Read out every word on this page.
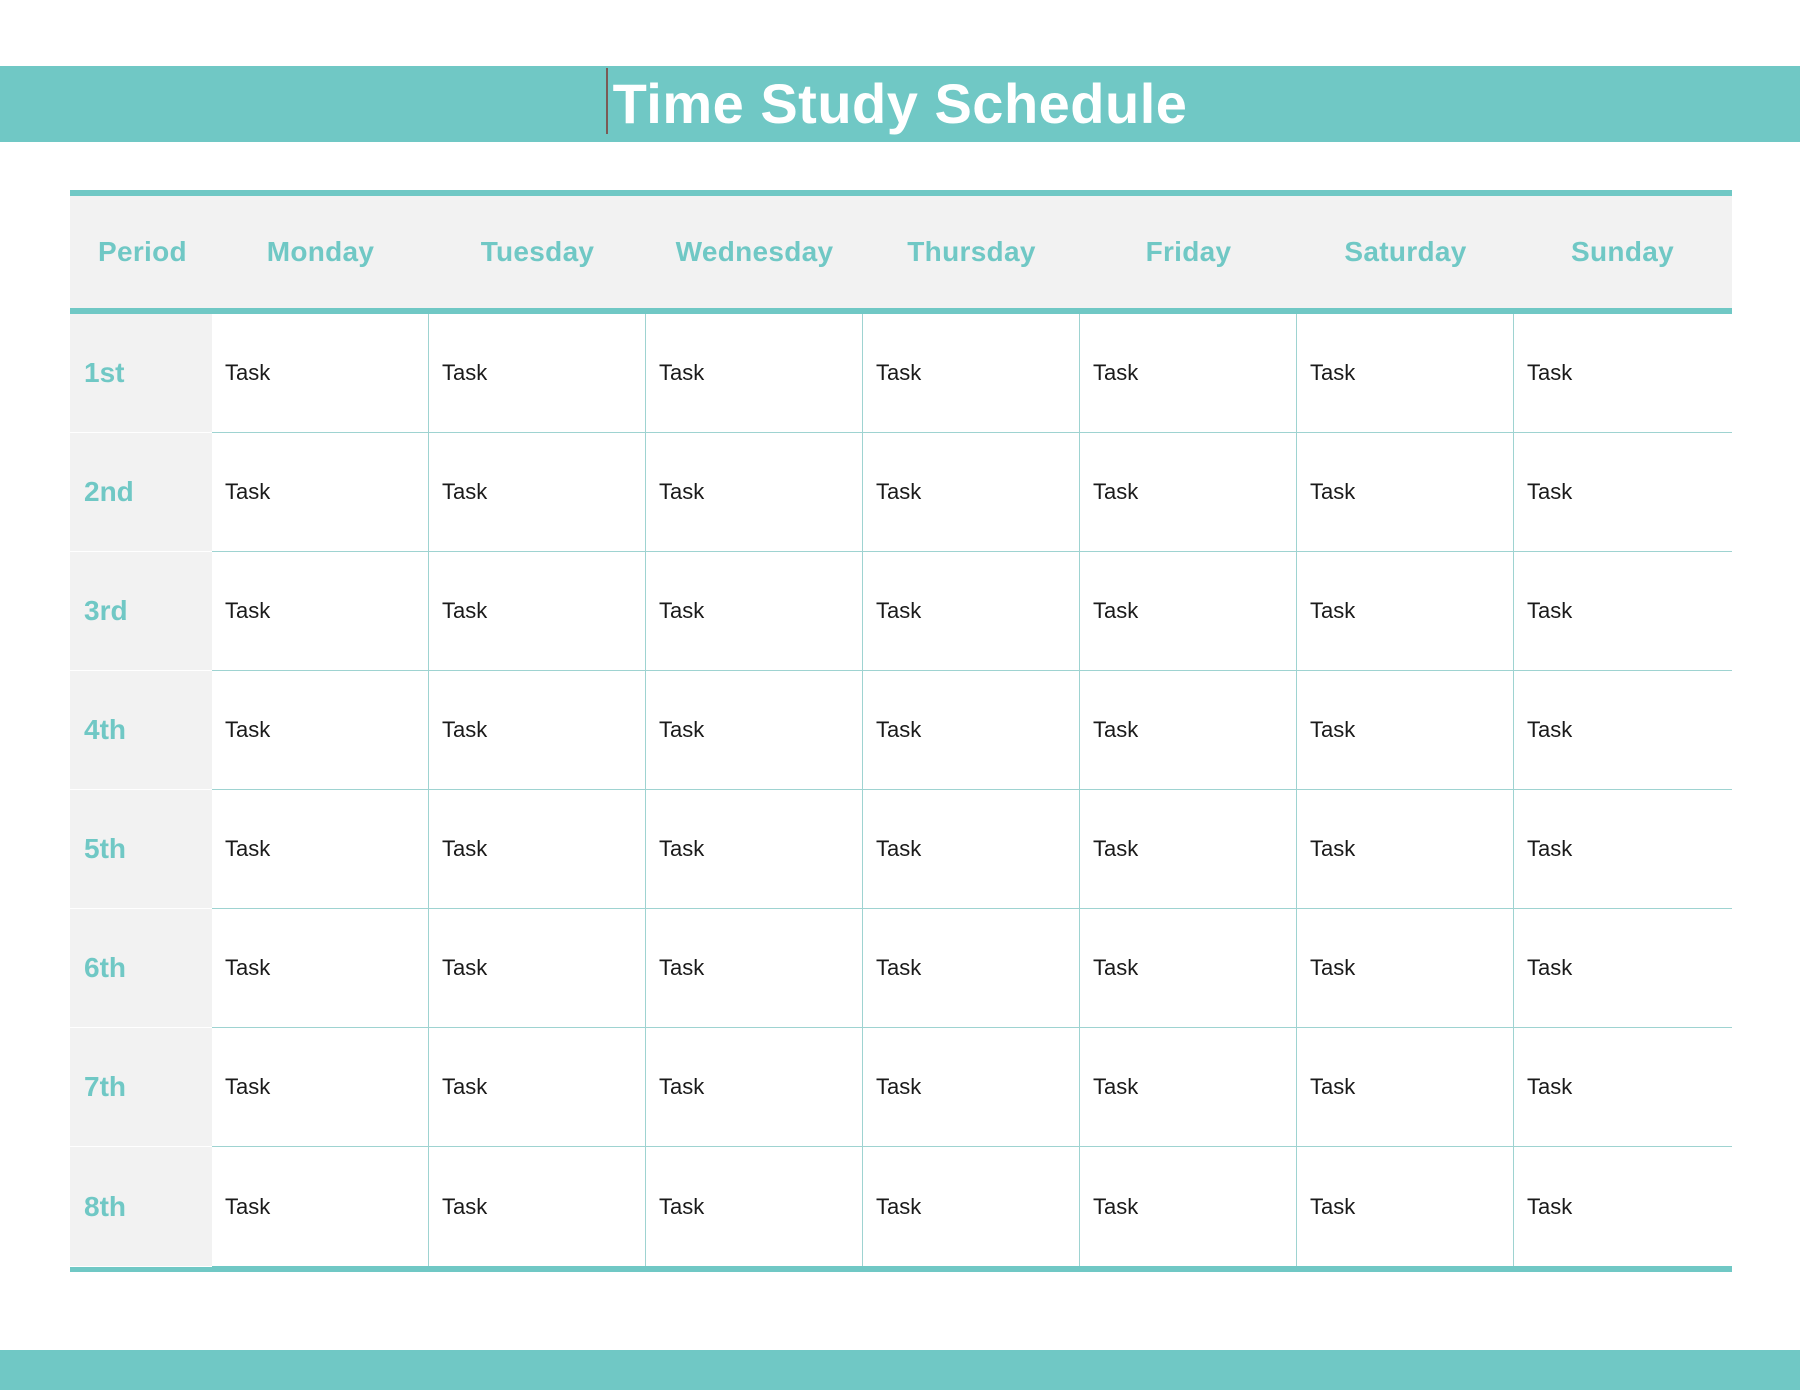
Time Study Schedule
Period	Monday	Tuesday	Wednesday	Thursday	Friday	Saturday	Sunday
1st	Task	Task	Task	Task	Task	Task	Task
2nd	Task	Task	Task	Task	Task	Task	Task
3rd	Task	Task	Task	Task	Task	Task	Task
4th	Task	Task	Task	Task	Task	Task	Task
5th	Task	Task	Task	Task	Task	Task	Task
6th	Task	Task	Task	Task	Task	Task	Task
7th	Task	Task	Task	Task	Task	Task	Task
8th	Task	Task	Task	Task	Task	Task	Task
